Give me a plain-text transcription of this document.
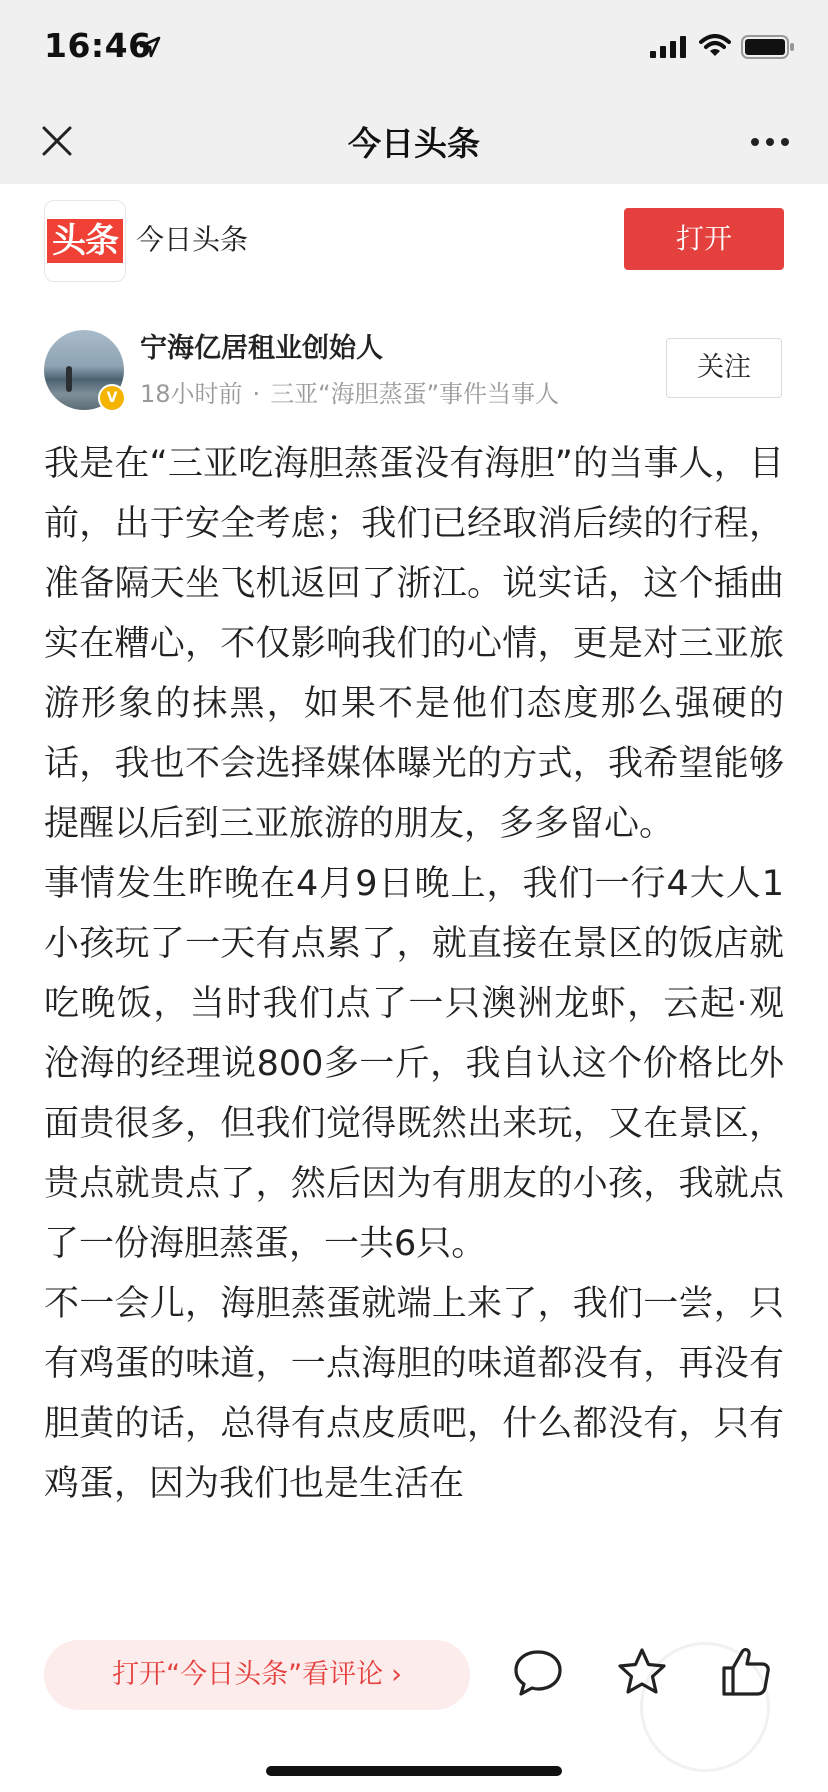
16:46
今日头条
头条 今日头条	打开
V
宁海亿居租业创始人
18小时前 · 三亚“海胆蒸蛋”事件当事人
关注

我是在“三亚吃海胆蒸蛋没有海胆”的当事人，目前，出于安全考虑；我们已经取消后续的行程，准备隔天坐飞机返回了浙江。说实话，这个插曲实在糟心，不仅影响我们的心情，更是对三亚旅游形象的抹黑，如果不是他们态度那么强硬的话，我也不会选择媒体曝光的方式，我希望能够提醒以后到三亚旅游的朋友，多多留心。

事情发生昨晚在4月9日晚上，我们一行4大人1小孩玩了一天有点累了，就直接在景区的饭店就吃晚饭，当时我们点了一只澳洲龙虾，云起·观沧海的经理说800多一斤，我自认这个价格比外面贵很多，但我们觉得既然出来玩，又在景区，贵点就贵点了，然后因为有朋友的小孩，我就点了一份海胆蒸蛋，一共6只。

不一会儿，海胆蒸蛋就端上来了，我们一尝，只有鸡蛋的味道，一点海胆的味道都没有，再没有胆黄的话，总得有点皮质吧，什么都没有，只有鸡蛋，因为我们也是生活在

打开“今日头条”看评论 ›
